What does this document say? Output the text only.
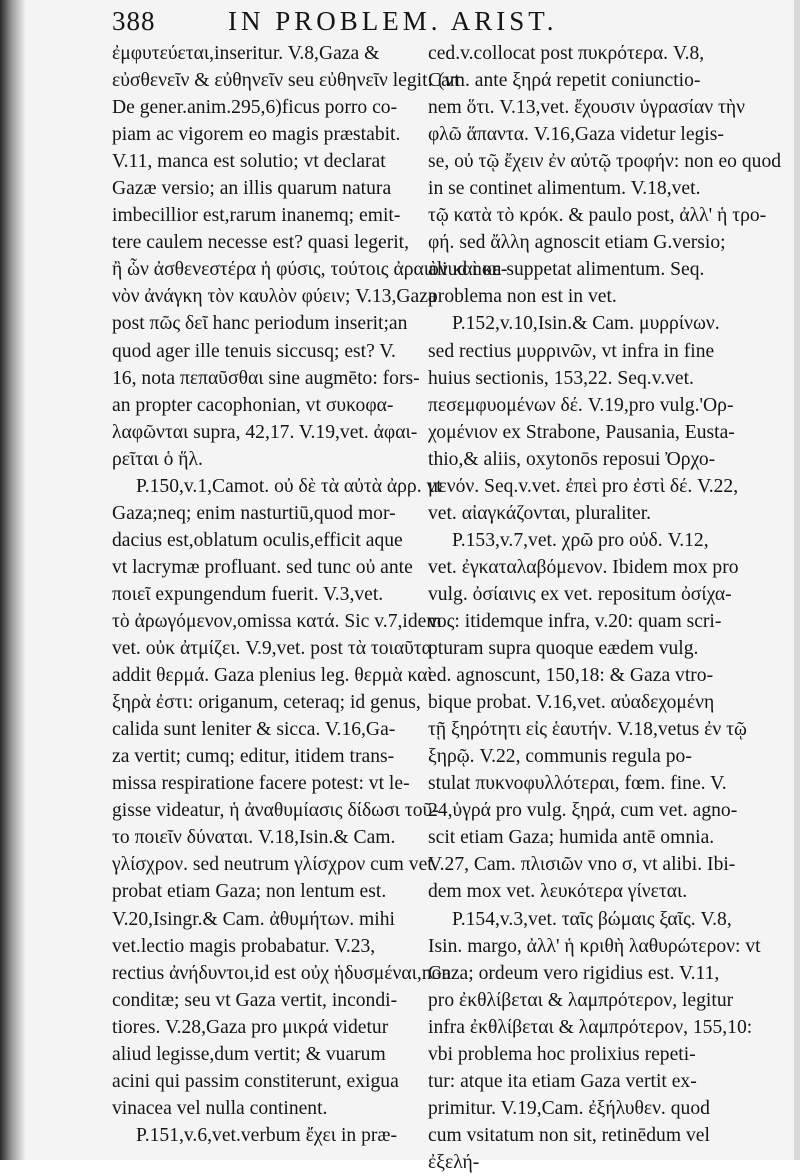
388	IN PROBLEM. ARIST.
ἐμφυτεύεται,inseritur. V.8,Gaza &
εὐσθενεῖν & εὐθηνεῖν seu εὐθηνεῖν legit: (vt
De gener.anim.295,6)ficus porro co-
piam ac vigorem eo magis præstabit.
V.11, manca est solutio; vt declarat
Gazæ versio; an illis quarum natura
imbecillior est,rarum inanemq; emit-
tere caulem necesse est? quasi legerit,
ἢ ὧν ἀσθενεστέρα ἡ φύσις, τούτοις ἀραιὸν καὶ κε-
νὸν ἀνάγκη τὸν καυλὸν φύειν; V.13,Gaza
post πῶς δεῖ hanc periodum inserit;an
quod ager ille tenuis siccusq; est? V.
16, nota πεπαῦσθαι sine augmēto: fors-
an propter cacophonian, vt συκοφα-
λαφῶνται supra, 42,17. V.19,vet. ἀφαι-
ρεῖται ὁ ἥλ.
P.150,v.1,Camot. οὐ δὲ τὰ αὐτὰ ἀρρ. vt
Gaza;neq; enim nasturtiū,quod mor-
dacius est,oblatum oculis,efficit aque
vt lacrymæ profluant. sed tunc οὐ ante
ποιεῖ expungendum fuerit. V.3,vet.
τὸ ἀρωγόμενον,omissa κατά. Sic v.7,idem
vet. οὐκ ἀτμίζει. V.9,vet. post τὰ τοιαῦτα
addit θερμά. Gaza plenius leg. θερμὰ καὶ
ξηρὰ ἐστι: origanum, ceteraq; id genus,
calida sunt leniter & sicca. V.16,Ga-
za vertit; cumq; editur, itidem trans-
missa respiratione facere potest: vt le-
gisse videatur, ἡ ἀναθυμίασις δίδωσι τοῦ-
το ποιεῖν δύναται. V.18,Isin.& Cam.
γλίσχρον. sed neutrum γλίσχρον cum vet.
probat etiam Gaza; non lentum est.
V.20,Isingr.& Cam. ἀθυμήτων. mihi
vet.lectio magis probabatur. V.23,
rectius ἀνήδυντοι,id est οὐχ ἡδυσμέναι,non
conditæ; seu vt Gaza vertit, incondi-
tiores. V.28,Gaza pro μικρά videtur
aliud legisse,dum vertit; & vuarum
acini qui passim constiterunt, exigua
vinacea vel nulla continent.
P.151,v.6,vet.verbum ἔχει in præ-
ced.v.collocat post πυκρότερα. V.8,
Cam. ante ξηρά repetit coniunctio-
nem ὅτι. V.13,vet. ἔχουσιν ὑγρασίαν τὴν
φλῶ ἅπαντα. V.16,Gaza videtur legis-
se, οὐ τῷ ἔχειν ἐν αὐτῷ τροφήν: non eo quod
in se continet alimentum. V.18,vet.
τῷ κατὰ τὸ κρόκ. & paulo post, ἀλλ' ἡ τρο-
φή. sed ἄλλη agnoscit etiam G.versio;
aliud non suppetat alimentum. Seq.
problema non est in vet.
P.152,v.10,Isin.& Cam. μυρρίνων.
sed rectius μυρρινῶν, vt infra in fine
huius sectionis, 153,22. Seq.v.vet.
πεσεμφυομένων δέ. V.19,pro vulg.'Ορ-
χομένιον ex Strabone, Pausania, Eusta-
thio,& aliis, oxytonōs reposui Ὀρχο-
μενόν. Seq.v.vet. ἐπεὶ pro ἐστὶ δέ. V.22,
vet. αἰαγκάζονται, pluraliter.
P.153,v.7,vet. χρῶ pro οὐδ. V.12,
vet. ἐγκαταλαβόμενον. Ibidem mox pro
vulg. ὀσίαινις ex vet. repositum ὀσίχα-
νος: itidemque infra, v.20: quam scri-
pturam supra quoque eædem vulg.
ed. agnoscunt, 150,18: & Gaza vtro-
bique probat. V.16,vet. αὐαδεχομένη
τῇ ξηρότητι εἰς ἑαυτήν. V.18,vetus ἐν τῷ
ξηρῷ. V.22, communis regula po-
stulat πυκνοφυλλότεραι, fœm. fine. V.
24,ὑγρά pro vulg. ξηρά, cum vet. agno-
scit etiam Gaza; humida antē omnia.
V.27, Cam. πλισιῶν vno σ, vt alibi. Ibi-
dem mox vet. λευκότερα γίνεται.
P.154,v.3,vet. ταῖς βώμαις ξαῖς. V.8,
Isin. margo, ἀλλ' ἡ κριθὴ λαθυρώτερον: vt
Gaza; ordeum vero rigidius est. V.11,
pro ἐκθλίβεται & λαμπρότερον, legitur
infra ἐκθλίβεται & λαμπρότερον, 155,10:
vbi problema hoc prolixius repeti-
tur: atque ita etiam Gaza vertit ex-
primitur. V.19,Cam. ἐξήλυθεν. quod
cum vsitatum non sit, retinēdum vel
ἐξελή-
